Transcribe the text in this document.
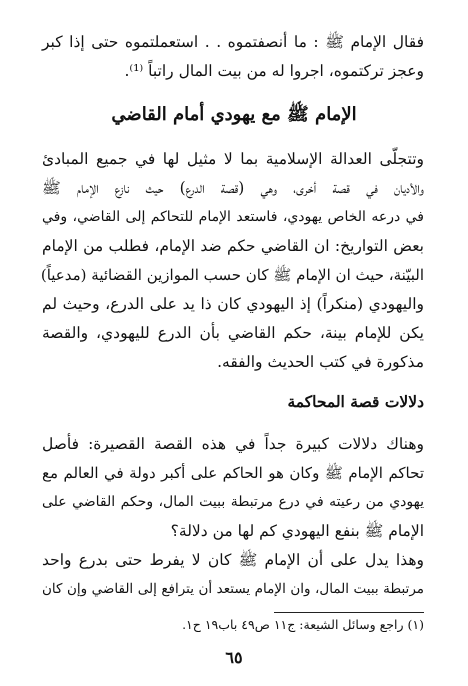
فقال الإمام ﷺ : ما أنصفتموه . . استعملتموه حتى إذا كبر
وعجز تركتموه، اجروا له من بيت المال راتباً ⁽¹⁾.
الإمام ﷺ مع يهودي أمام القاضي
وتتجلّى العدالة الإسلامية بما لا مثيل لها في جميع المبادئ
والأديان في قصة أخرى، وهي (قصة الدرع) حيث نازع الإمام ﷺ
في درعه الخاص يهودي، فاستعد الإمام للتحاكم إلى القاضي، وفي
بعض التواريخ: ان القاضي حكم ضد الإمام، فطلب من الإمام
البيّنة، حيث ان الإمام ﷺ كان حسب الموازين القضائية (مدعياً)
واليهودي (منكراً) إذ اليهودي كان ذا يد على الدرع، وحيث لم
يكن للإمام بينة، حكم القاضي بأن الدرع لليهودي، والقصة
مذكورة في كتب الحديث والفقه.
دلالات قصة المحاكمة
وهناك دلالات كبيرة جداً في هذه القصة القصيرة: فأصل
تحاكم الإمام ﷺ وكان هو الحاكم على أكبر دولة في العالم مع
يهودي من رعيته في درع مرتبطة ببيت المال، وحكم القاضي على
الإمام ﷺ بنفع اليهودي كم لها من دلالة؟
وهذا يدل على أن الإمام ﷺ كان لا يفرط حتى بدرع واحد
مرتبطة ببيت المال، وان الإمام يستعد أن يترافع إلى القاضي وإن كان
(١) راجع وسائل الشيعة: ج١١ ص٤٩ باب١٩ ح١.
٦٥
